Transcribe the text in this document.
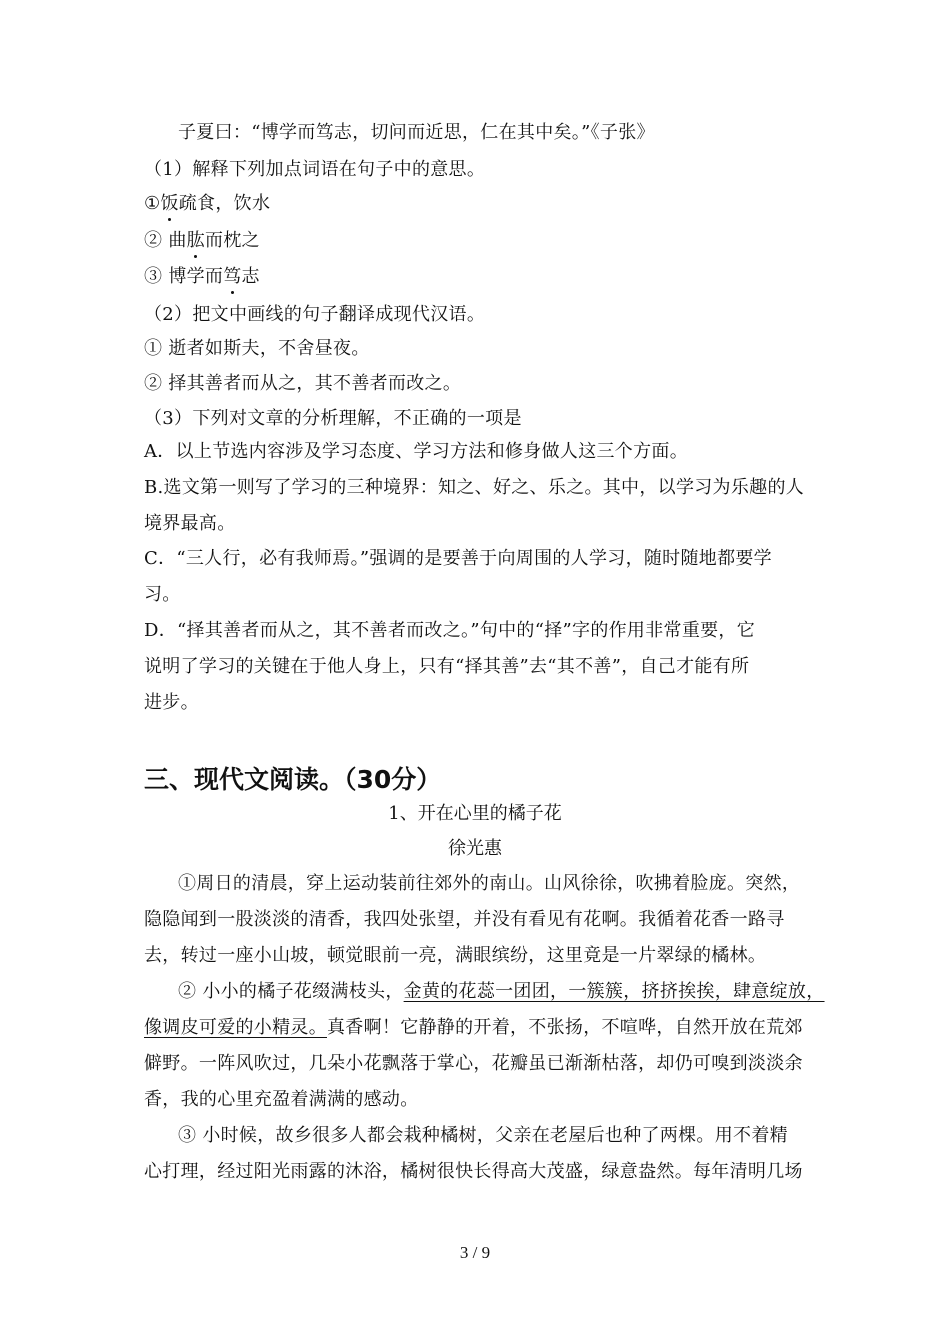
子夏曰：“博学而笃志，切问而近思，仁在其中矣。”《子张》
（1）解释下列加点词语在句子中的意思。
①饭疏食，饮水
② 曲肱而枕之
③ 博学而笃志
（2）把文中画线的句子翻译成现代汉语。
① 逝者如斯夫，不舍昼夜。
② 择其善者而从之，其不善者而改之。
（3）下列对文章的分析理解，不正确的一项是
A．以上节选内容涉及学习态度、学习方法和修身做人这三个方面。
B.选文第一则写了学习的三种境界：知之、好之、乐之。其中，以学习为乐趣的人
境界最高。
C．“三人行，必有我师焉。”强调的是要善于向周围的人学习，随时随地都要学
习。
D．“择其善者而从之，其不善者而改之。”句中的“择”字的作用非常重要，它
说明了学习的关键在于他人身上，只有“择其善”去“其不善”，自己才能有所
进步。
三、现代文阅读。（30分）
1、开在心里的橘子花
徐光惠
①周日的清晨，穿上运动装前往郊外的南山。山风徐徐，吹拂着脸庞。突然，
隐隐闻到一股淡淡的清香，我四处张望，并没有看见有花啊。我循着花香一路寻
去，转过一座小山坡，顿觉眼前一亮，满眼缤纷，这里竟是一片翠绿的橘林。
② 小小的橘子花缀满枝头，金黄的花蕊一团团，一簇簇，挤挤挨挨，肆意绽放，
像调皮可爱的小精灵。真香啊！它静静的开着，不张扬，不喧哗，自然开放在荒郊
僻野。一阵风吹过，几朵小花飘落于掌心，花瓣虽已渐渐枯落，却仍可嗅到淡淡余
香，我的心里充盈着满满的感动。
③ 小时候，故乡很多人都会栽种橘树，父亲在老屋后也种了两棵。用不着精
心打理，经过阳光雨露的沐浴，橘树很快长得高大茂盛，绿意盎然。每年清明几场
3 / 9
